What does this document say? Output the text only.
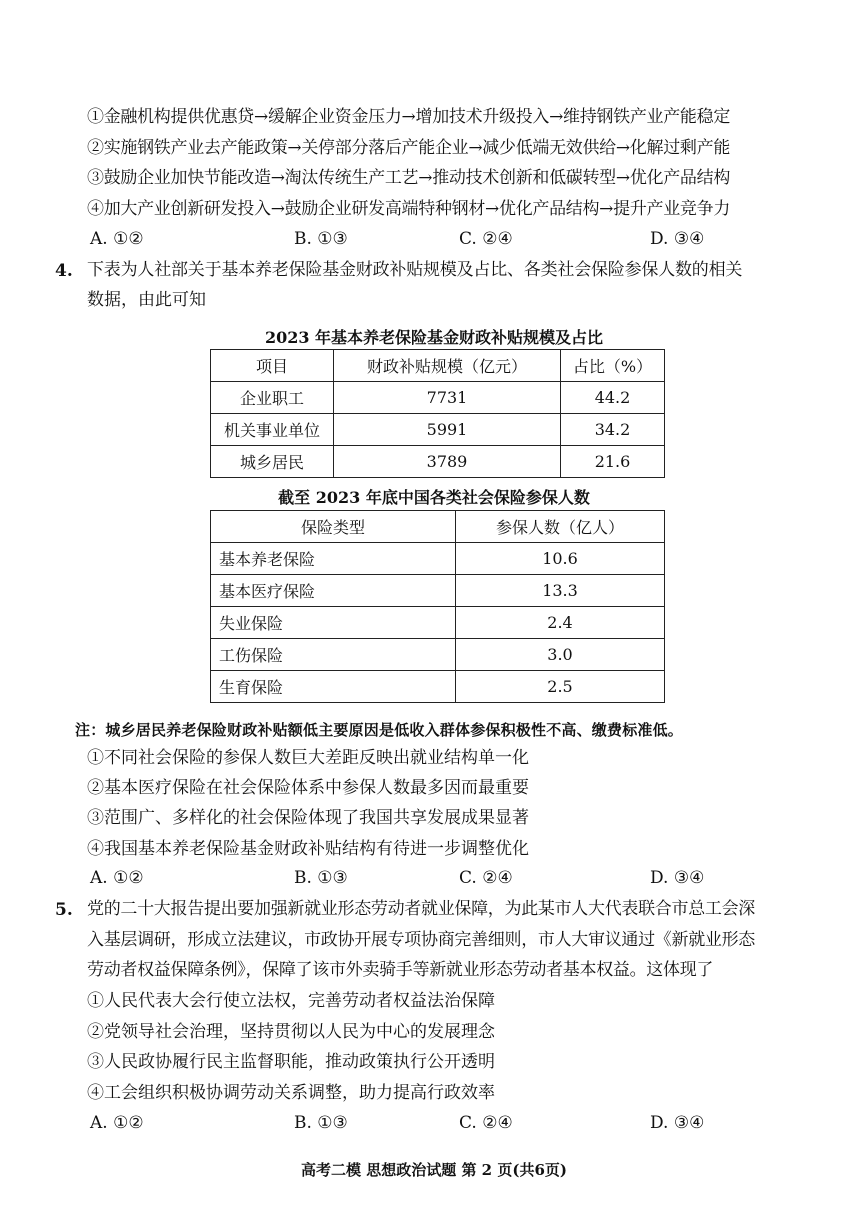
①金融机构提供优惠贷→缓解企业资金压力→增加技术升级投入→维持钢铁产业产能稳定
②实施钢铁产业去产能政策→关停部分落后产能企业→减少低端无效供给→化解过剩产能
③鼓励企业加快节能改造→淘汰传统生产工艺→推动技术创新和低碳转型→优化产品结构
④加大产业创新研发投入→鼓励企业研发高端特种钢材→优化产品结构→提升产业竞争力
A. ①②	B. ①③	C. ②④	D. ③④
4. 下表为人社部关于基本养老保险基金财政补贴规模及占比、各类社会保险参保人数的相关
数据，由此可知
2023 年基本养老保险基金财政补贴规模及占比
项目	财政补贴规模（亿元）	占比（%）
企业职工	7731	44.2
机关事业单位	5991	34.2
城乡居民	3789	21.6
截至 2023 年底中国各类社会保险参保人数
保险类型	参保人数（亿人）
基本养老保险	10.6
基本医疗保险	13.3
失业保险	2.4
工伤保险	3.0
生育保险	2.5
注：城乡居民养老保险财政补贴额低主要原因是低收入群体参保积极性不高、缴费标准低。
①不同社会保险的参保人数巨大差距反映出就业结构单一化
②基本医疗保险在社会保险体系中参保人数最多因而最重要
③范围广、多样化的社会保险体现了我国共享发展成果显著
④我国基本养老保险基金财政补贴结构有待进一步调整优化
A. ①②	B. ①③	C. ②④	D. ③④
5. 党的二十大报告提出要加强新就业形态劳动者就业保障，为此某市人大代表联合市总工会深
入基层调研，形成立法建议，市政协开展专项协商完善细则，市人大审议通过《新就业形态
劳动者权益保障条例》，保障了该市外卖骑手等新就业形态劳动者基本权益。这体现了
①人民代表大会行使立法权，完善劳动者权益法治保障
②党领导社会治理，坚持贯彻以人民为中心的发展理念
③人民政协履行民主监督职能，推动政策执行公开透明
④工会组织积极协调劳动关系调整，助力提高行政效率
A. ①②	B. ①③	C. ②④	D. ③④
高考二模 思想政治试题 第 2 页(共6页)
